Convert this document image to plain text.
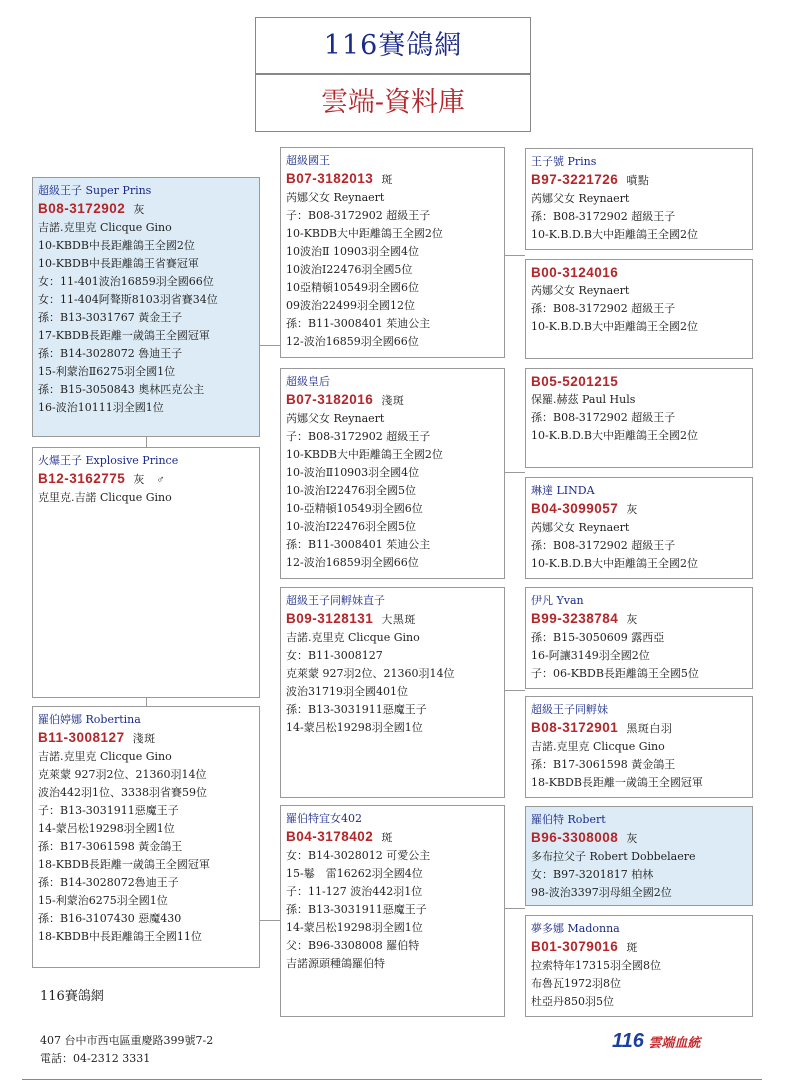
116賽鴿網
雲端-資料庫
超級王子 Super Prins
B08-3172902 灰
吉諾.克里克 Clicque Gino
10-KBDB中長距離鴿王全國2位
10-KBDB中長距離鴿王省賽冠軍
女：11-401波治16859羽全國66位
女：11-404阿聱斯8103羽省賽34位
孫：B13-3031767 黃金王子
17-KBDB長距離一歲鴿王全國冠軍
孫：B14-3028072 魯迪王子
15-利蒙治Ⅱ6275羽全國1位
孫：B15-3050843 奧林匹克公主
16-波治10111羽全國1位
火爆王子 Explosive Prince
B12-3162775 灰　♂
克里克.吉諾 Clicque Gino
羅伯婷娜 Robertina
B11-3008127 淺斑
吉諾.克里克 Clicque Gino
克萊蒙 927羽2位、21360羽14位
波治442羽1位、3338羽省賽59位
子：B13-3031911惡魔王子
14-蒙呂松19298羽全國1位
孫：B17-3061598 黃金鴿王
18-KBDB長距離一歲鴿王全國冠軍
孫：B14-3028072魯迪王子
15-利蒙治6275羽全國1位
孫：B16-3107430 惡魔430
18-KBDB中長距離鴿王全國11位
超級國王
B07-3182013 斑
芮娜父女 Reynaert
子：B08-3172902 超級王子
10-KBDB大中距離鴿王全國2位
10波治Ⅱ 10903羽全國4位
10波治Ⅰ22476羽全國5位
10亞精頓10549羽全國6位
09波治22499羽全國12位
孫：B11-3008401 茱迪公主
12-波治16859羽全國66位
超級皇后
B07-3182016 淺斑
芮娜父女 Reynaert
子：B08-3172902 超級王子
10-KBDB大中距離鴿王全國2位
10-波治Ⅱ10903羽全國4位
10-波治Ⅰ22476羽全國5位
10-亞精頓10549羽全國6位
10-波治Ⅰ22476羽全國5位
孫：B11-3008401 茱迪公主
12-波治16859羽全國66位
超級王子同孵妹直子
B09-3128131 大黑斑
吉諾.克里克 Clicque Gino
女：B11-3008127
克萊蒙 927羽2位、21360羽14位
波治31719羽全國401位
孫：B13-3031911惡魔王子
14-蒙呂松19298羽全國1位
羅伯特宜女402
B04-3178402 斑
女：B14-3028012 可愛公主
15-鬈　雷16262羽全國4位
子：11-127 波治442羽1位
孫：B13-3031911惡魔王子
14-蒙呂松19298羽全國1位
父：B96-3308008 羅伯特
吉諾源頭種鴿羅伯特
王子號 Prins
B97-3221726 噴點
芮娜父女 Reynaert
孫：B08-3172902 超級王子
10-K.B.D.B大中距離鴿王全國2位
B00-3124016
芮娜父女 Reynaert
孫：B08-3172902 超級王子
10-K.B.D.B大中距離鴿王全國2位
B05-5201215
保羅.赫茲 Paul Huls
孫：B08-3172902 超級王子
10-K.B.D.B大中距離鴿王全國2位
琳達 LINDA
B04-3099057 灰
芮娜父女 Reynaert
孫：B08-3172902 超級王子
10-K.B.D.B大中距離鴿王全國2位
伊凡 Yvan
B99-3238784 灰
孫：B15-3050609 露西亞
16-阿讓3149羽全國2位
子：06-KBDB長距離鴿王全國5位
超級王子同孵妹
B08-3172901 黑斑白羽
吉諾.克里克 Clicque Gino
孫：B17-3061598 黃金鴿王
18-KBDB長距離一歲鴿王全國冠軍
羅伯特 Robert
B96-3308008 灰
多布拉父子 Robert Dobbelaere
女：B97-3201817 柏林
98-波治3397羽母組全國2位
夢多娜 Madonna
B01-3079016 斑
拉索特年17315羽全國8位
布魯瓦1972羽8位
杜亞丹850羽5位
116賽鴿網
407 台中市西屯區重慶路399號7-2
電話：04-2312 3331
116 雲端血統
